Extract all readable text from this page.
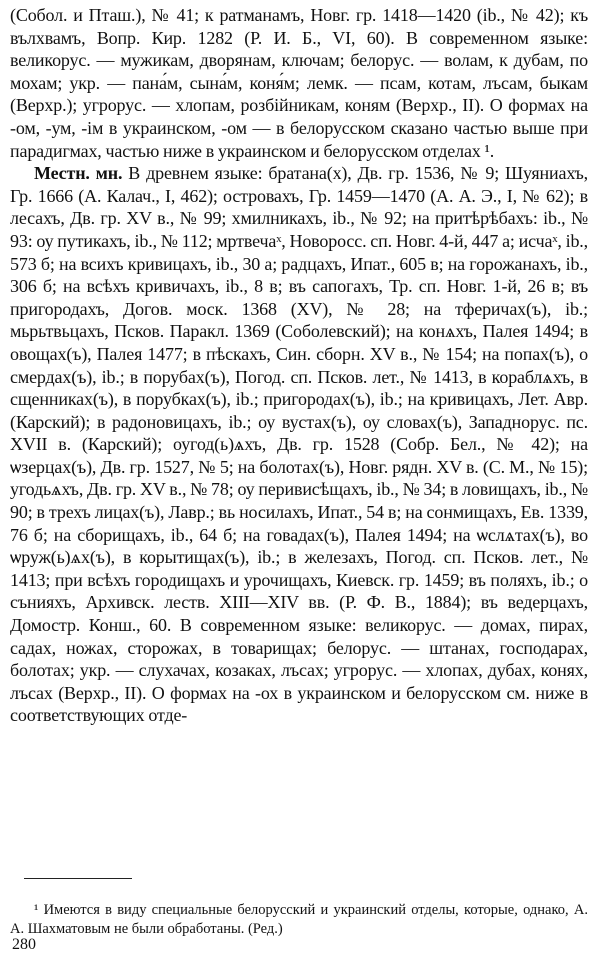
(Собол. и Пташ.), № 41; к ратманамъ, Новг. гр. 1418—1420 (ib., № 42); къ вълхвамъ, Вопр. Кир. 1282 (Р. И. Б., VI, 60). В современном языке: великорус. — мужикам, дворянам, ключам; белорус. — волам, к дубам, по мохам; укр. — пана́м, сына́м, коня́м; лемк. — псам, котам, лъсам, быкам (Верхр.); угрорус. — хлопам, розбiйникам, коням (Верхр., II). О формах на -ом, -ум, -iм в украинском, -ом — в белорусском сказано частью выше при парадигмах, частью ниже в украинском и белорусском отделах ¹.

Местн. мн. В древнем языке: братана(х), Дв. гр. 1536, № 9; Шуяниахъ, Гр. 1666 (А. Калач., I, 462); островахъ, Гр. 1459—1470 (А. А. Э., I, № 62); в лесахъ, Дв. гр. XV в., № 99; хмилникахъ, ib., № 92; на притѣрѣбахъ: ib., № 93: оу путикахъ, ib., № 112; мртвечаˣ, Новоросс. сп. Новг. 4-й, 447 а; исчаˣ, ib., 573 б; на всихъ кривицахъ, ib., 30 а; радцахъ, Ипат., 605 в; на горожанахъ, ib., 306 б; на всѣхъ кривичахъ, ib., 8 в; въ сапогахъ, Тр. сп. Новг. 1-й, 26 в; въ пригородахъ, Догов. моск. 1368 (XV), № 28; на тферичах(ъ), ib.; мьрьтвьцахъ, Псков. Паракл. 1369 (Соболевский); на конѧхъ, Палея 1494; в овощах(ъ), Палея 1477; в пѣскахъ, Син. сборн. XV в., № 154; на попах(ъ), о смердах(ъ), ib.; в порубах(ъ), Погод. сп. Псков. лет., № 1413, в кораблѧхъ, в сщенниках(ъ), в порубках(ъ), ib.; пригородах(ъ), ib.; на кривицахъ, Лет. Авр. (Карский); в радоновицахъ, ib.; оу вустах(ъ), оу словах(ъ), Западнорус. пс. XVII в. (Карский); оугод(ь)ѧхъ, Дв. гр. 1528 (Собр. Бел., № 42); на ѡзерцах(ъ), Дв. гр. 1527, № 5; на болотах(ъ), Новг. рядн. XV в. (С. М., № 15); угодьѧхъ, Дв. гр. XV в., № 78; оу перивисѣщахъ, ib., № 34; в ловищахъ, ib., № 90; в трехъ лицах(ъ), Лавр.; вь носилахъ, Ипат., 54 в; на сонмищахъ, Ев. 1339, 76 б; на сборищахъ, ib., 64 б; на говадах(ъ), Палея 1494; на ѡслѧтах(ъ), во ѡруж(ь)ѧх(ъ), в корытищах(ъ), ib.; в железахъ, Погод. сп. Псков. лет., № 1413; при всѣхъ городищахъ и урочищахъ, Киевск. гр. 1459; въ поляхъ, ib.; о сънияхъ, Архивск. леств. XIII—XIV вв. (Р. Ф. В., 1884); въ ведерцахъ, Домостр. Конш., 60. В современном языке: великорус. — домах, пирах, садах, ножах, сторожах, в товарищах; белорус. — штанах, господарах, болотах; укр. — слухачах, козаках, лъсах; угрорус. — хлопах, дубах, конях, лъсах (Верхр., II). О формах на -ох в украинском и белорусском см. ниже в соответствующих отде-

¹ Имеются в виду специальные белорусский и украинский отделы, которые, однако, А. А. Шахматовым не были обработаны. (Ред.)

280
